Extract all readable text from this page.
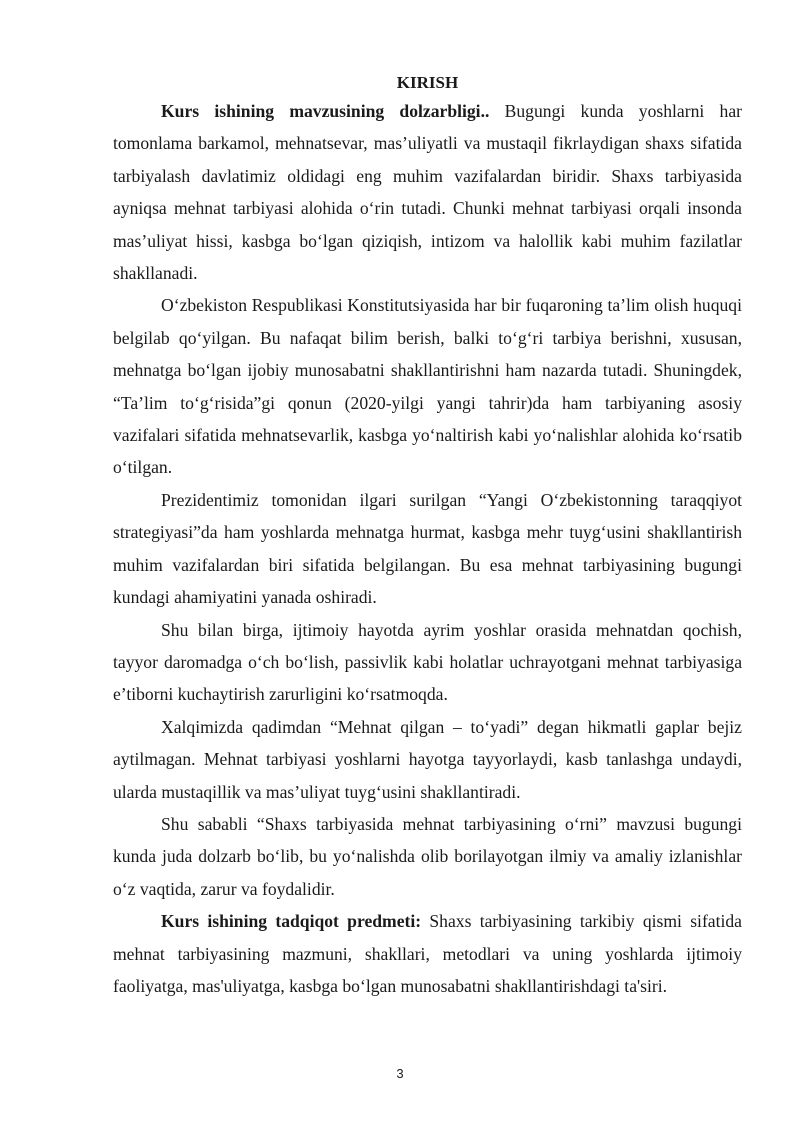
KIRISH

Kurs ishining mavzusining dolzarbligi.. Bugungi kunda yoshlarni har tomonlama barkamol, mehnatsevar, mas’uliyatli va mustaqil fikrlaydigan shaxs sifatida tarbiyalash davlatimiz oldidagi eng muhim vazifalardan biridir. Shaxs tarbiyasida ayniqsa mehnat tarbiyasi alohida o‘rin tutadi. Chunki mehnat tarbiyasi orqali insonda mas’uliyat hissi, kasbga bo‘lgan qiziqish, intizom va halollik kabi muhim fazilatlar shakllanadi.

O‘zbekiston Respublikasi Konstitutsiyasida har bir fuqaroning ta’lim olish huquqi belgilab qo‘yilgan. Bu nafaqat bilim berish, balki to‘g‘ri tarbiya berishni, xususan, mehnatga bo‘lgan ijobiy munosabatni shakllantirishni ham nazarda tutadi. Shuningdek, “Ta’lim to‘g‘risida”gi qonun (2020-yilgi yangi tahrir)da ham tarbiyaning asosiy vazifalari sifatida mehnatsevarlik, kasbga yo‘naltirish kabi yo‘nalishlar alohida ko‘rsatib o‘tilgan.

Prezidentimiz tomonidan ilgari surilgan “Yangi O‘zbekistonning taraqqiyot strategiyasi”da ham yoshlarda mehnatga hurmat, kasbga mehr tuyg‘usini shakllantirish muhim vazifalardan biri sifatida belgilangan. Bu esa mehnat tarbiyasining bugungi kundagi ahamiyatini yanada oshiradi.

Shu bilan birga, ijtimoiy hayotda ayrim yoshlar orasida mehnatdan qochish, tayyor daromadga o‘ch bo‘lish, passivlik kabi holatlar uchrayotgani mehnat tarbiyasiga e’tiborni kuchaytirish zarurligini ko‘rsatmoqda.

Xalqimizda qadimdan “Mehnat qilgan – to‘yadi” degan hikmatli gaplar bejiz aytilmagan. Mehnat tarbiyasi yoshlarni hayotga tayyorlaydi, kasb tanlashga undaydi, ularda mustaqillik va mas’uliyat tuyg‘usini shakllantiradi.

Shu sababli “Shaxs tarbiyasida mehnat tarbiyasining o‘rni” mavzusi bugungi kunda juda dolzarb bo‘lib, bu yo‘nalishda olib borilayotgan ilmiy va amaliy izlanishlar o‘z vaqtida, zarur va foydalidir.

Kurs ishining tadqiqot predmeti: Shaxs tarbiyasining tarkibiy qismi sifatida mehnat tarbiyasining mazmuni, shakllari, metodlari va uning yoshlarda ijtimoiy faoliyatga, mas'uliyatga, kasbga bo‘lgan munosabatni shakllantirishdagi ta'siri.

3
